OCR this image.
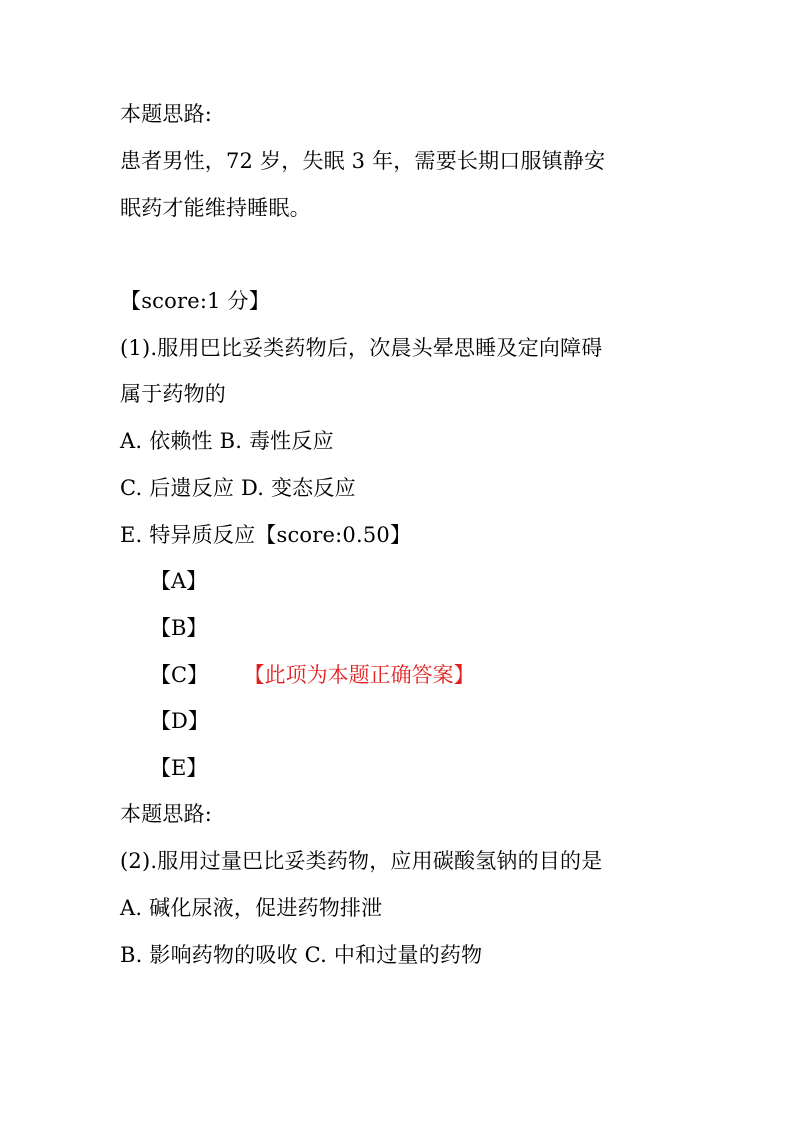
本题思路:
患者男性，72 岁，失眠 3 年，需要长期口服镇静安
眠药才能维持睡眠。
【score:1 分】
(1).服用巴比妥类药物后，次晨头晕思睡及定向障碍
属于药物的
A. 依赖性 B. 毒性反应
C. 后遗反应 D. 变态反应
E. 特异质反应【score:0.50】
【A】
【B】
【C】 【此项为本题正确答案】
【D】
【E】
本题思路:
(2).服用过量巴比妥类药物，应用碳酸氢钠的目的是
A. 碱化尿液，促进药物排泄
B. 影响药物的吸收 C. 中和过量的药物
